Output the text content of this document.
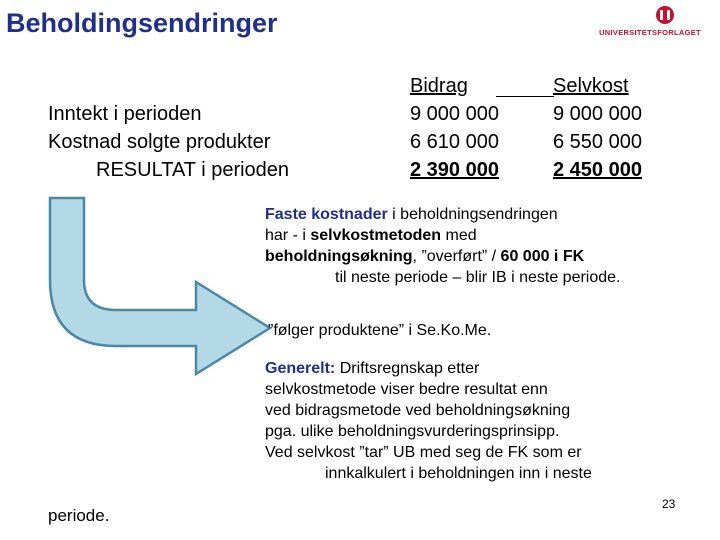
Beholdingsendringer	UNIVERSITETSFORLAGET
Inntekt i perioden
Kostnad solgte produkter
RESULTAT i perioden
Bidrag
9 000 000
6 610 000
2 390 000
Selvkost
9 000 000
6 550 000
2 450 000
Faste kostnader i beholdningsendringen
har - i selvkostmetoden med
beholdningsøkning, ”overført” / 60 000 i FK
til neste periode – blir IB i neste periode.
”følger produktene” i Se.Ko.Me.
Generelt: Driftsregnskap etter
selvkostmetode viser bedre resultat enn
ved bidragsmetode ved beholdningsøkning
pga. ulike beholdningsvurderingsprinsipp.
Ved selvkost ”tar” UB med seg de FK som er
innkalkulert i beholdningen inn i neste
23
periode.
